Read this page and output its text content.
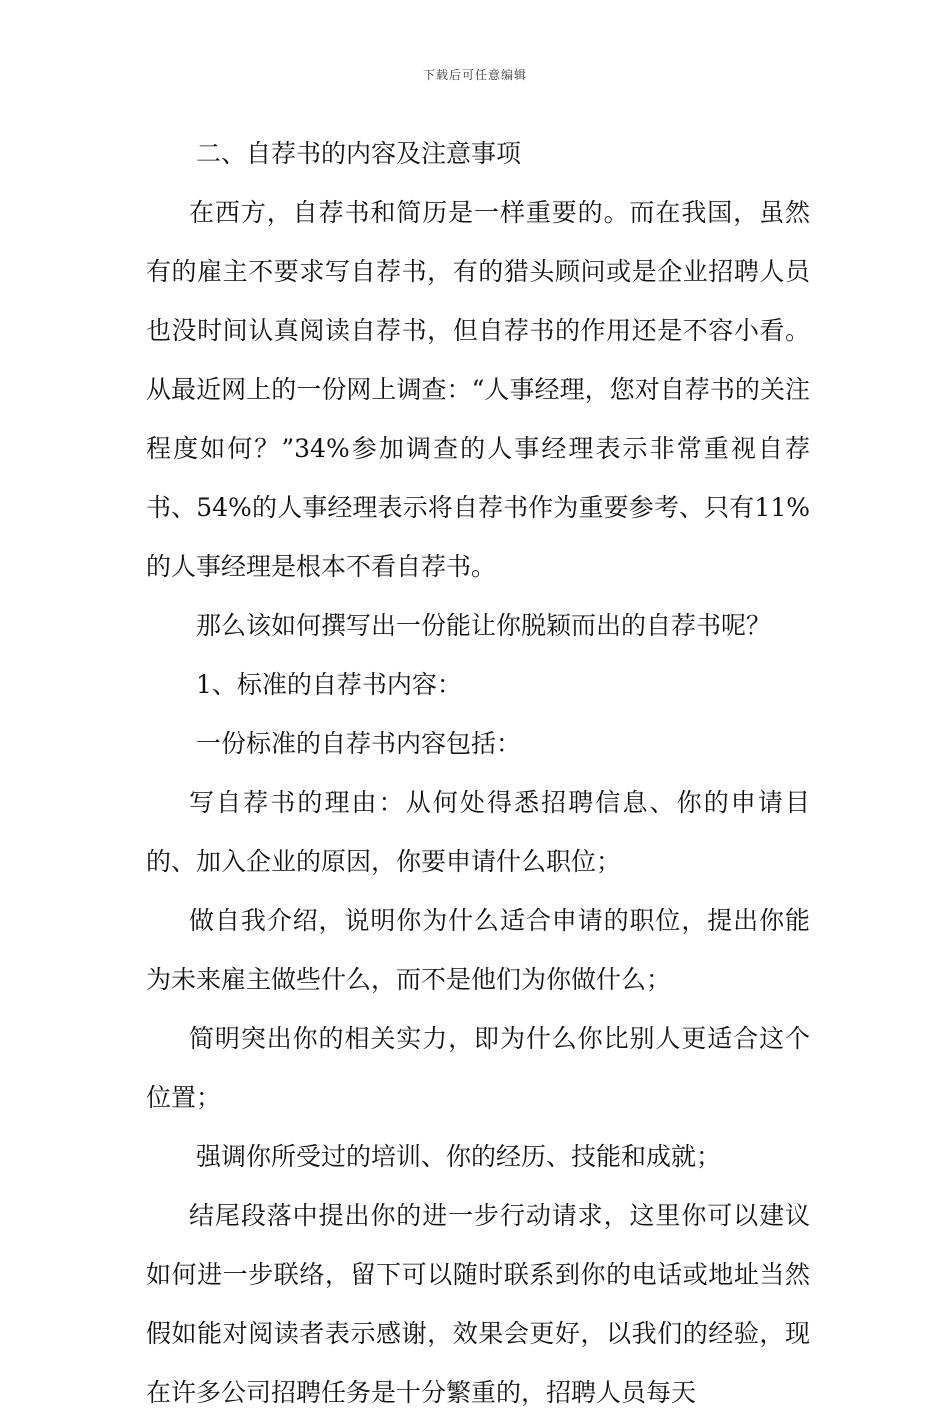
下载后可任意编辑

二、自荐书的内容及注意事项

在西方，自荐书和简历是一样重要的。而在我国，虽然有的雇主不要求写自荐书，有的猎头顾问或是企业招聘人员也没时间认真阅读自荐书，但自荐书的作用还是不容小看。从最近网上的一份网上调查：“人事经理，您对自荐书的关注程度如何？”34%参加调查的人事经理表示非常重视自荐书、54%的人事经理表示将自荐书作为重要参考、只有11%的人事经理是根本不看自荐书。

那么该如何撰写出一份能让你脱颖而出的自荐书呢？

1、标准的自荐书内容：

一份标准的自荐书内容包括：

写自荐书的理由：从何处得悉招聘信息、你的申请目的、加入企业的原因，你要申请什么职位；

做自我介绍，说明你为什么适合申请的职位，提出你能为未来雇主做些什么，而不是他们为你做什么；

简明突出你的相关实力，即为什么你比别人更适合这个位置；

强调你所受过的培训、你的经历、技能和成就；

结尾段落中提出你的进一步行动请求，这里你可以建议如何进一步联络，留下可以随时联系到你的电话或地址当然假如能对阅读者表示感谢，效果会更好，以我们的经验，现在许多公司招聘任务是十分繁重的，招聘人员每天
